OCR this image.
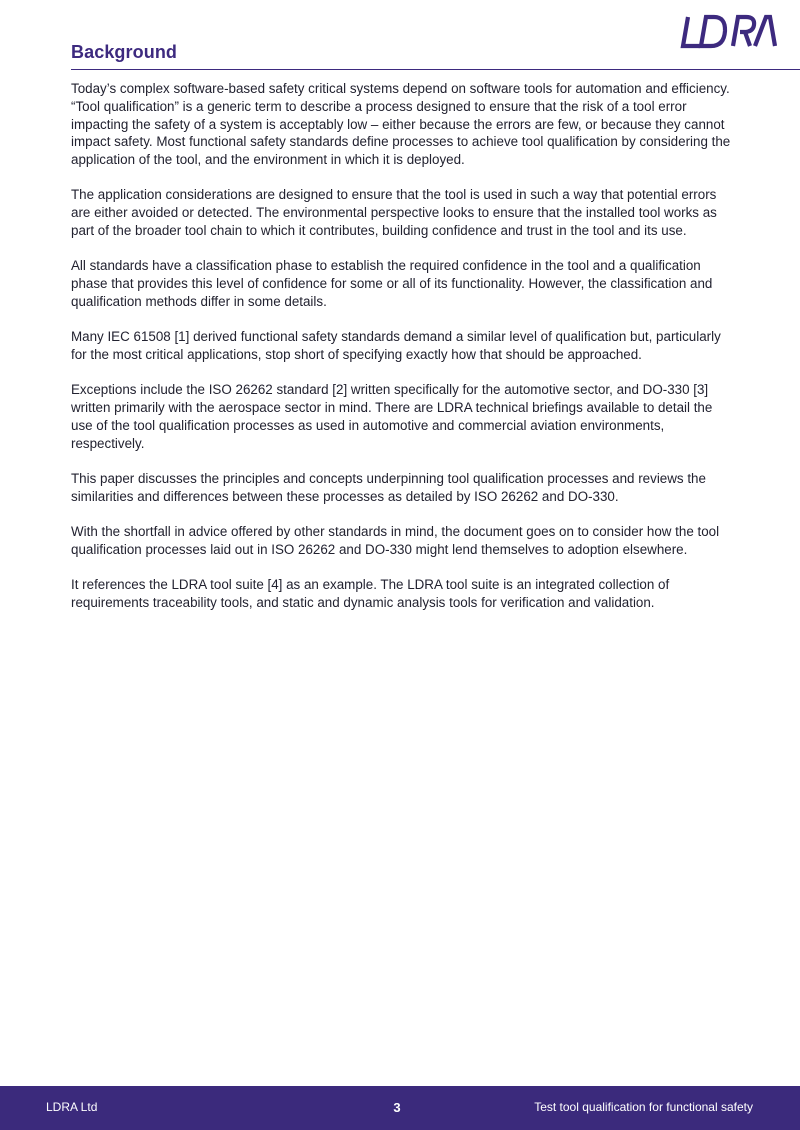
Background

Today’s complex software-based safety critical systems depend on software tools for automation and efficiency. “Tool qualification” is a generic term to describe a process designed to ensure that the risk of a tool error impacting the safety of a system is acceptably low – either because the errors are few, or because they cannot impact safety. Most functional safety standards define processes to achieve tool qualification by considering the application of the tool, and the environment in which it is deployed.

The application considerations are designed to ensure that the tool is used in such a way that potential errors are either avoided or detected. The environmental perspective looks to ensure that the installed tool works as part of the broader tool chain to which it contributes, building confidence and trust in the tool and its use.

All standards have a classification phase to establish the required confidence in the tool and a qualification phase that provides this level of confidence for some or all of its functionality. However, the classification and qualification methods differ in some details.

Many IEC 61508 [1] derived functional safety standards demand a similar level of qualification but, particularly for the most critical applications, stop short of specifying exactly how that should be approached.

Exceptions include the ISO 26262 standard [2] written specifically for the automotive sector, and DO-330 [3] written primarily with the aerospace sector in mind. There are LDRA technical briefings available to detail the use of the tool qualification processes as used in automotive and commercial aviation environments, respectively.

This paper discusses the principles and concepts underpinning tool qualification processes and reviews the similarities and differences between these processes as detailed by ISO 26262 and DO-330.

With the shortfall in advice offered by other standards in mind, the document goes on to consider how the tool qualification processes laid out in ISO 26262 and DO-330 might lend themselves to adoption elsewhere.

It references the LDRA tool suite [4] as an example. The LDRA tool suite is an integrated collection of requirements traceability tools, and static and dynamic analysis tools for verification and validation.

LDRA Ltd	3	Test tool qualification for functional safety
